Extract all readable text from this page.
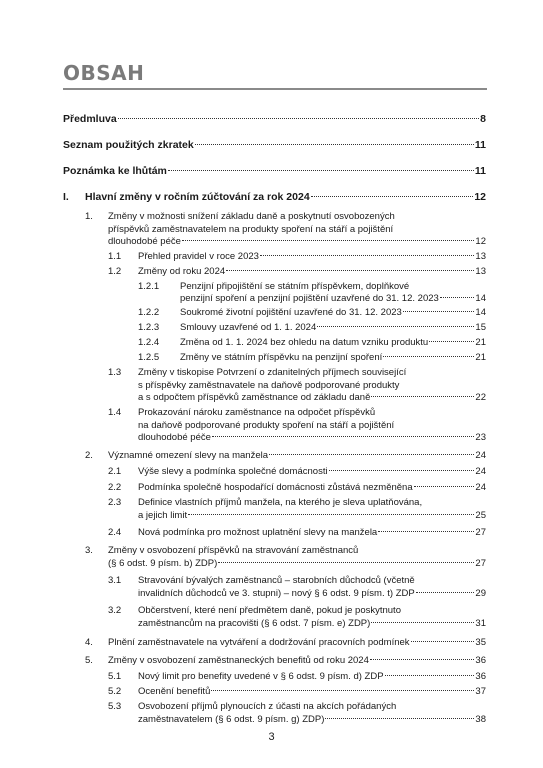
OBSAH
Předmluva	8
Seznam použitých zkratek	11
Poznámka ke lhůtám	11
I. Hlavní změny v ročním zúčtování za rok 2024	12
1. Změny v možnosti snížení základu daně a poskytnutí osvobozených
příspěvků zaměstnavatelem na produkty spoření na stáří a pojištění
dlouhodobé péče	12
1.1 Přehled pravidel v roce 2023	13
1.2 Změny od roku 2024	13
1.2.1 Penzijní připojištění se státním příspěvkem, doplňkové
penzijní spoření a penzijní pojištění uzavřené do 31. 12. 2023	14
1.2.2 Soukromé životní pojištění uzavřené do 31. 12. 2023	14
1.2.3 Smlouvy uzavřené od 1. 1. 2024	15
1.2.4 Změna od 1. 1. 2024 bez ohledu na datum vzniku produktu	21
1.2.5 Změny ve státním příspěvku na penzijní spoření	21
1.3 Změny v tiskopise Potvrzení o zdanitelných příjmech související
s příspěvky zaměstnavatele na daňově podporované produkty
a s odpočtem příspěvků zaměstnance od základu daně	22
1.4 Prokazování nároku zaměstnance na odpočet příspěvků
na daňově podporované produkty spoření na stáří a pojištění
dlouhodobé péče	23
2. Významné omezení slevy na manžela	24
2.1 Výše slevy a podmínka společné domácnosti	24
2.2 Podmínka společně hospodařící domácnosti zůstává nezměněna	24
2.3 Definice vlastních příjmů manžela, na kterého je sleva uplatňována,
a jejich limit	25
2.4 Nová podmínka pro možnost uplatnění slevy na manžela	27
3. Změny v osvobození příspěvků na stravování zaměstnanců
(§ 6 odst. 9 písm. b) ZDP)	27
3.1 Stravování bývalých zaměstnanců – starobních důchodců (včetně
invalidních důchodců ve 3. stupni) – nový § 6 odst. 9 písm. t) ZDP	29
3.2 Občerstvení, které není předmětem daně, pokud je poskytnuto
zaměstnancům na pracovišti (§ 6 odst. 7 písm. e) ZDP)	31
4. Plnění zaměstnavatele na vytváření a dodržování pracovních podmínek	35
5. Změny v osvobození zaměstnaneckých benefitů od roku 2024	36
5.1 Nový limit pro benefity uvedené v § 6 odst. 9 písm. d) ZDP	36
5.2 Ocenění benefitů	37
5.3 Osvobození příjmů plynoucích z účasti na akcích pořádaných
zaměstnavatelem (§ 6 odst. 9 písm. g) ZDP)	38
3
